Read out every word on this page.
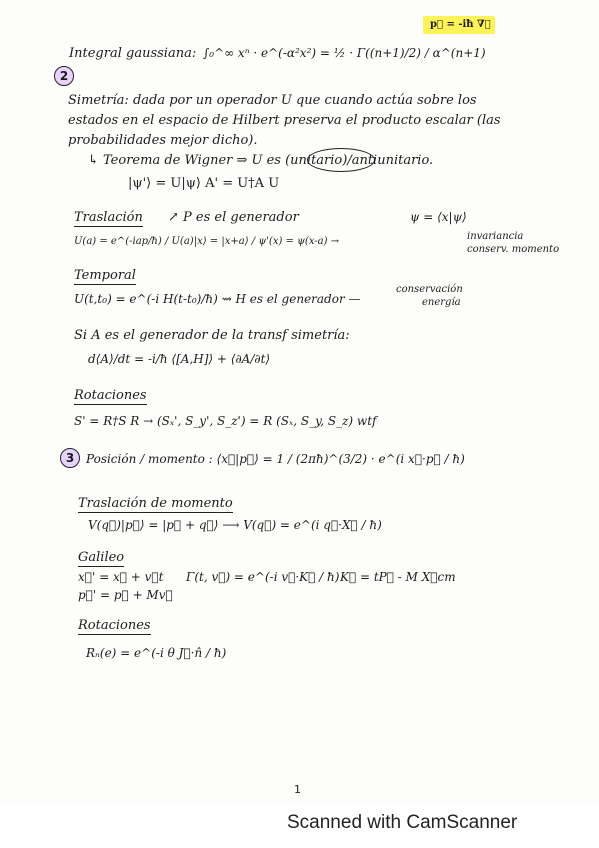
p⃗ = -iħ ∇⃗
Integral gaussiana: ∫₀^∞ xⁿ · e^(-α²x²) = ½ · Γ((n+1)/2) / α^(n+1)
2
Simetría: dada por un operador U que cuando actúa sobre los
estados en el espacio de Hilbert preserva el producto escalar (las
probabilidades mejor dicho).
↳ Teorema de Wigner ⇒ U es (unitario)/antiunitario.
|ψ'⟩ = U|ψ⟩ A' = U†A U
Traslación ↗ P es el generador	ψ = ⟨x|ψ⟩
U(a) = e^(-iap/ħ) / U(a)|x⟩ = |x+a⟩ / ψ'(x) = ψ(x-a) →	invariancia
conserv. momento
Temporal
U(t,t₀) = e^(-i H(t-t₀)/ħ) ⇝ H es el generador —
conservación
energía
Si A es el generador de la transf simetría:
d⟨A⟩/dt = -i/ħ ⟨[A,H]⟩ + ⟨∂A/∂t⟩
Rotaciones
S' = R†S R → (Sₓ', S_y', S_z') = R (Sₓ, S_y, S_z) wtf
3 Posición / momento : ⟨x⃗|p⃗⟩ = 1 / (2πħ)^(3/2) · e^(i x⃗·p⃗ / ħ)
Traslación de momento
V(q⃗)|p⃗⟩ = |p⃗ + q⃗⟩ ⟶ V(q⃗) = e^(i q⃗·X⃗ / ħ)
Galileo
x⃗' = x⃗ + v⃗t
p⃗' = p⃗ + Mv⃗
Γ(t, v⃗) = e^(-i v⃗·K⃗ / ħ) K⃗ = tP⃗ - M X⃗cm
Rotaciones
Rₙ(e) = e^(-i θ J⃗·n̂ / ħ)
1
Scanned with CamScanner
